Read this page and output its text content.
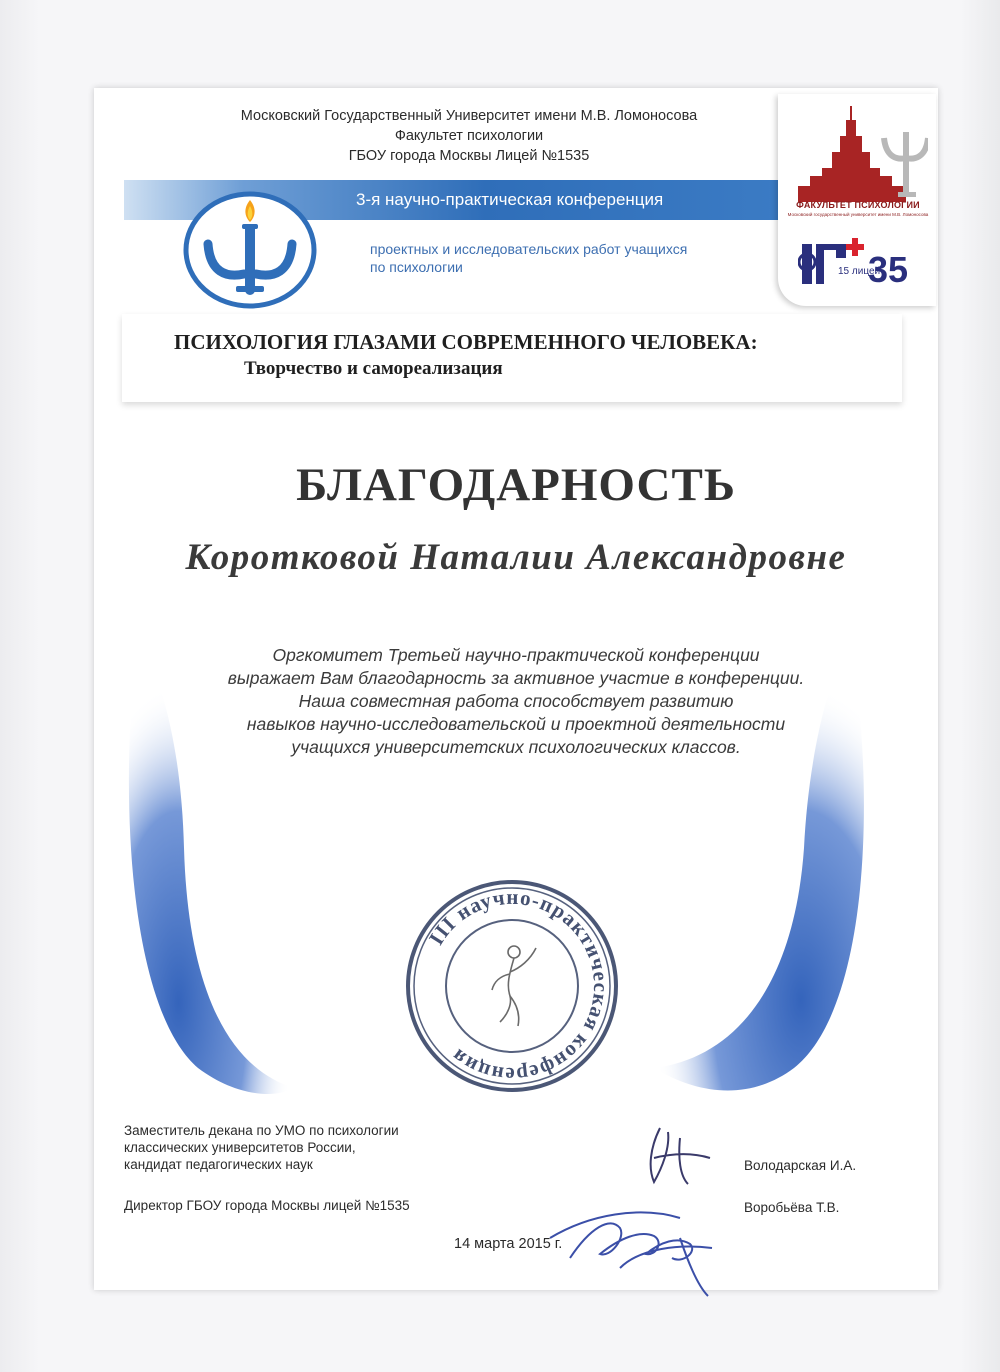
Московский Государственный Университет имени М.В. Ломоносова
Факультет психологии
ГБОУ города Москвы Лицей №1535
3-я научно-практическая конференция
проектных и исследовательских работ учащихся
по психологии
ФАКУЛЬТЕТ ПСИХОЛОГИИ
Московский государственный университет имени М.В. Ломоносова
35
15 лицей
ПСИХОЛОГИЯ ГЛАЗАМИ СОВРЕМЕННОГО ЧЕЛОВЕКА:
Творчество и самореализация
БЛАГОДАРНОСТЬ
Коротковой Наталии Александровне
Оргкомитет Третьей научно-практической конференции
выражает Вам благодарность за активное участие в конференции.
Наша совместная работа способствует развитию
навыков научно-исследовательской и проектной деятельности
учащихся университетских психологических классов.
III научно-практическая конференция
Заместитель декана по УМО по психологии
классических университетов России,
кандидат педагогических наук
Директор ГБОУ города Москвы лицей №1535
Володарская И.А.
Воробьёва Т.В.
14 марта 2015 г.
